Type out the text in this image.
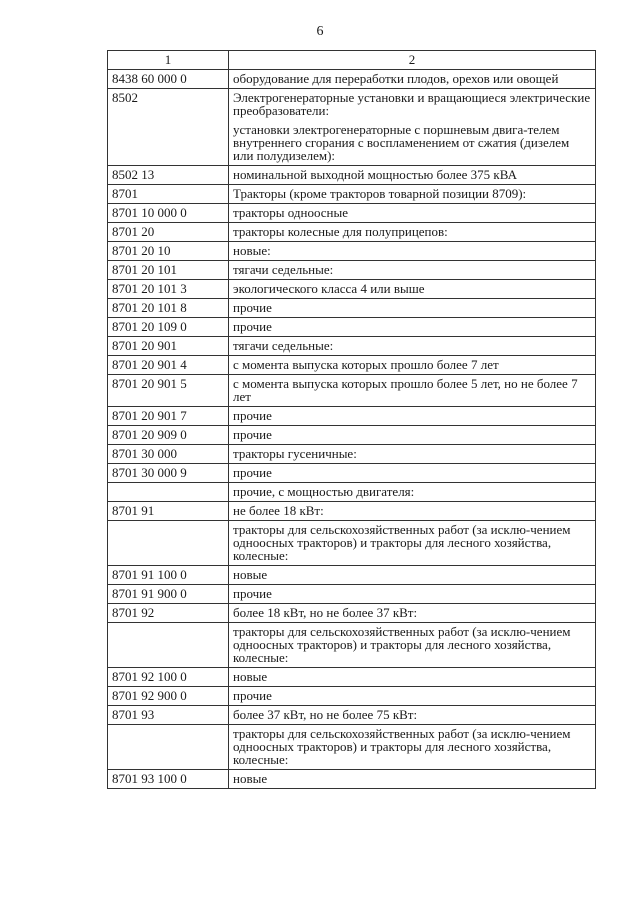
6
1	2
8438 60 000 0	оборудование для переработки плодов, орехов или овощей

8502	Электрогенераторные установки и вращающиеся электрические преобразователи:

установки электрогенераторные с поршневым двига-телем внутреннего сгорания с воспламенением от сжатия (дизелем или полудизелем):

8502 13	номинальной выходной мощностью более 375 кВА

8701	Тракторы (кроме тракторов товарной позиции 8709):

8701 10 000 0	тракторы одноосные

8701 20	тракторы колесные для полуприцепов:

8701 20 10	новые:

8701 20 101	тягачи седельные:

8701 20 101 3	экологического класса 4 или выше

8701 20 101 8	прочие

8701 20 109 0	прочие

8701 20 901	тягачи седельные:

8701 20 901 4	с момента выпуска которых прошло более 7 лет

8701 20 901 5	с момента выпуска которых прошло более 5 лет, но не более 7 лет

8701 20 901 7	прочие

8701 20 909 0	прочие

8701 30 000	тракторы гусеничные:

8701 30 000 9	прочие

	прочие, с мощностью двигателя:

8701 91	не более 18 кВт:

	тракторы для сельскохозяйственных работ (за исклю-чением одноосных тракторов) и тракторы для лесного хозяйства, колесные:

8701 91 100 0	новые

8701 91 900 0	прочие

8701 92	более 18 кВт, но не более 37 кВт:

	тракторы для сельскохозяйственных работ (за исклю-чением одноосных тракторов) и тракторы для лесного хозяйства, колесные:

8701 92 100 0	новые

8701 92 900 0	прочие

8701 93	более 37 кВт, но не более 75 кВт:

	тракторы для сельскохозяйственных работ (за исклю-чением одноосных тракторов) и тракторы для лесного хозяйства, колесные:

8701 93 100 0	новые
